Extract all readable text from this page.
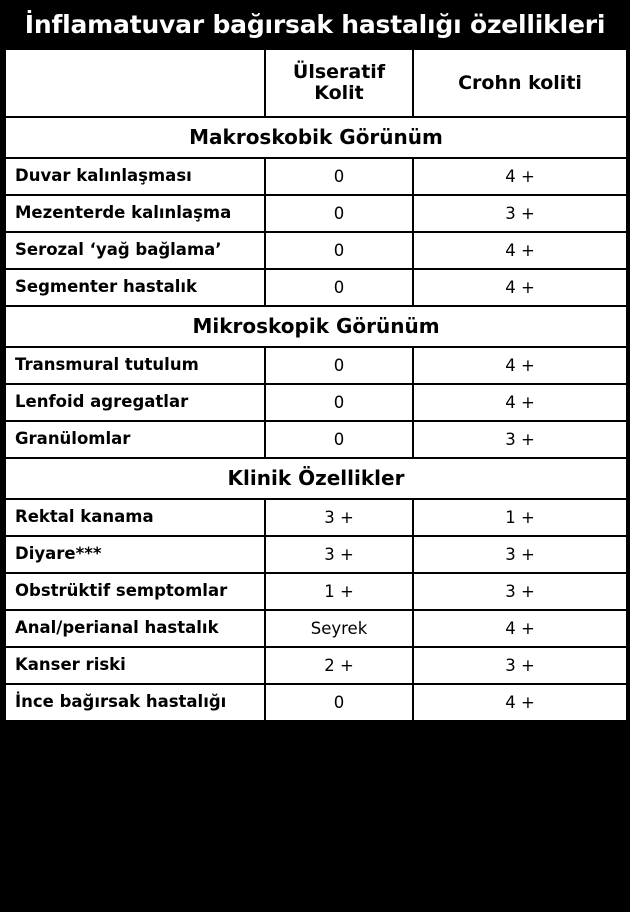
İnflamatuvar bağırsak hastalığı özellikleri
	Ülseratif Kolit	Crohn koliti
Makroskobik Görünüm		
Duvar kalınlaşması	0	4 +
Mezenterde kalınlaşma	0	3 +
Serozal ‘yağ bağlama’	0	4 +
Segmenter hastalık	0	4 +
Mikroskopik Görünüm		
Transmural tutulum	0	4 +
Lenfoid agregatlar	0	4 +
Granülomlar	0	3 +
Klinik Özellikler		
Rektal kanama	3 +	1 +
Diyare***	3 +	3 +
Obstrüktif semptomlar	1 +	3 +
Anal/perianal hastalık	Seyrek	4 +
Kanser riski	2 +	3 +
İnce bağırsak hastalığı	0	4 +
